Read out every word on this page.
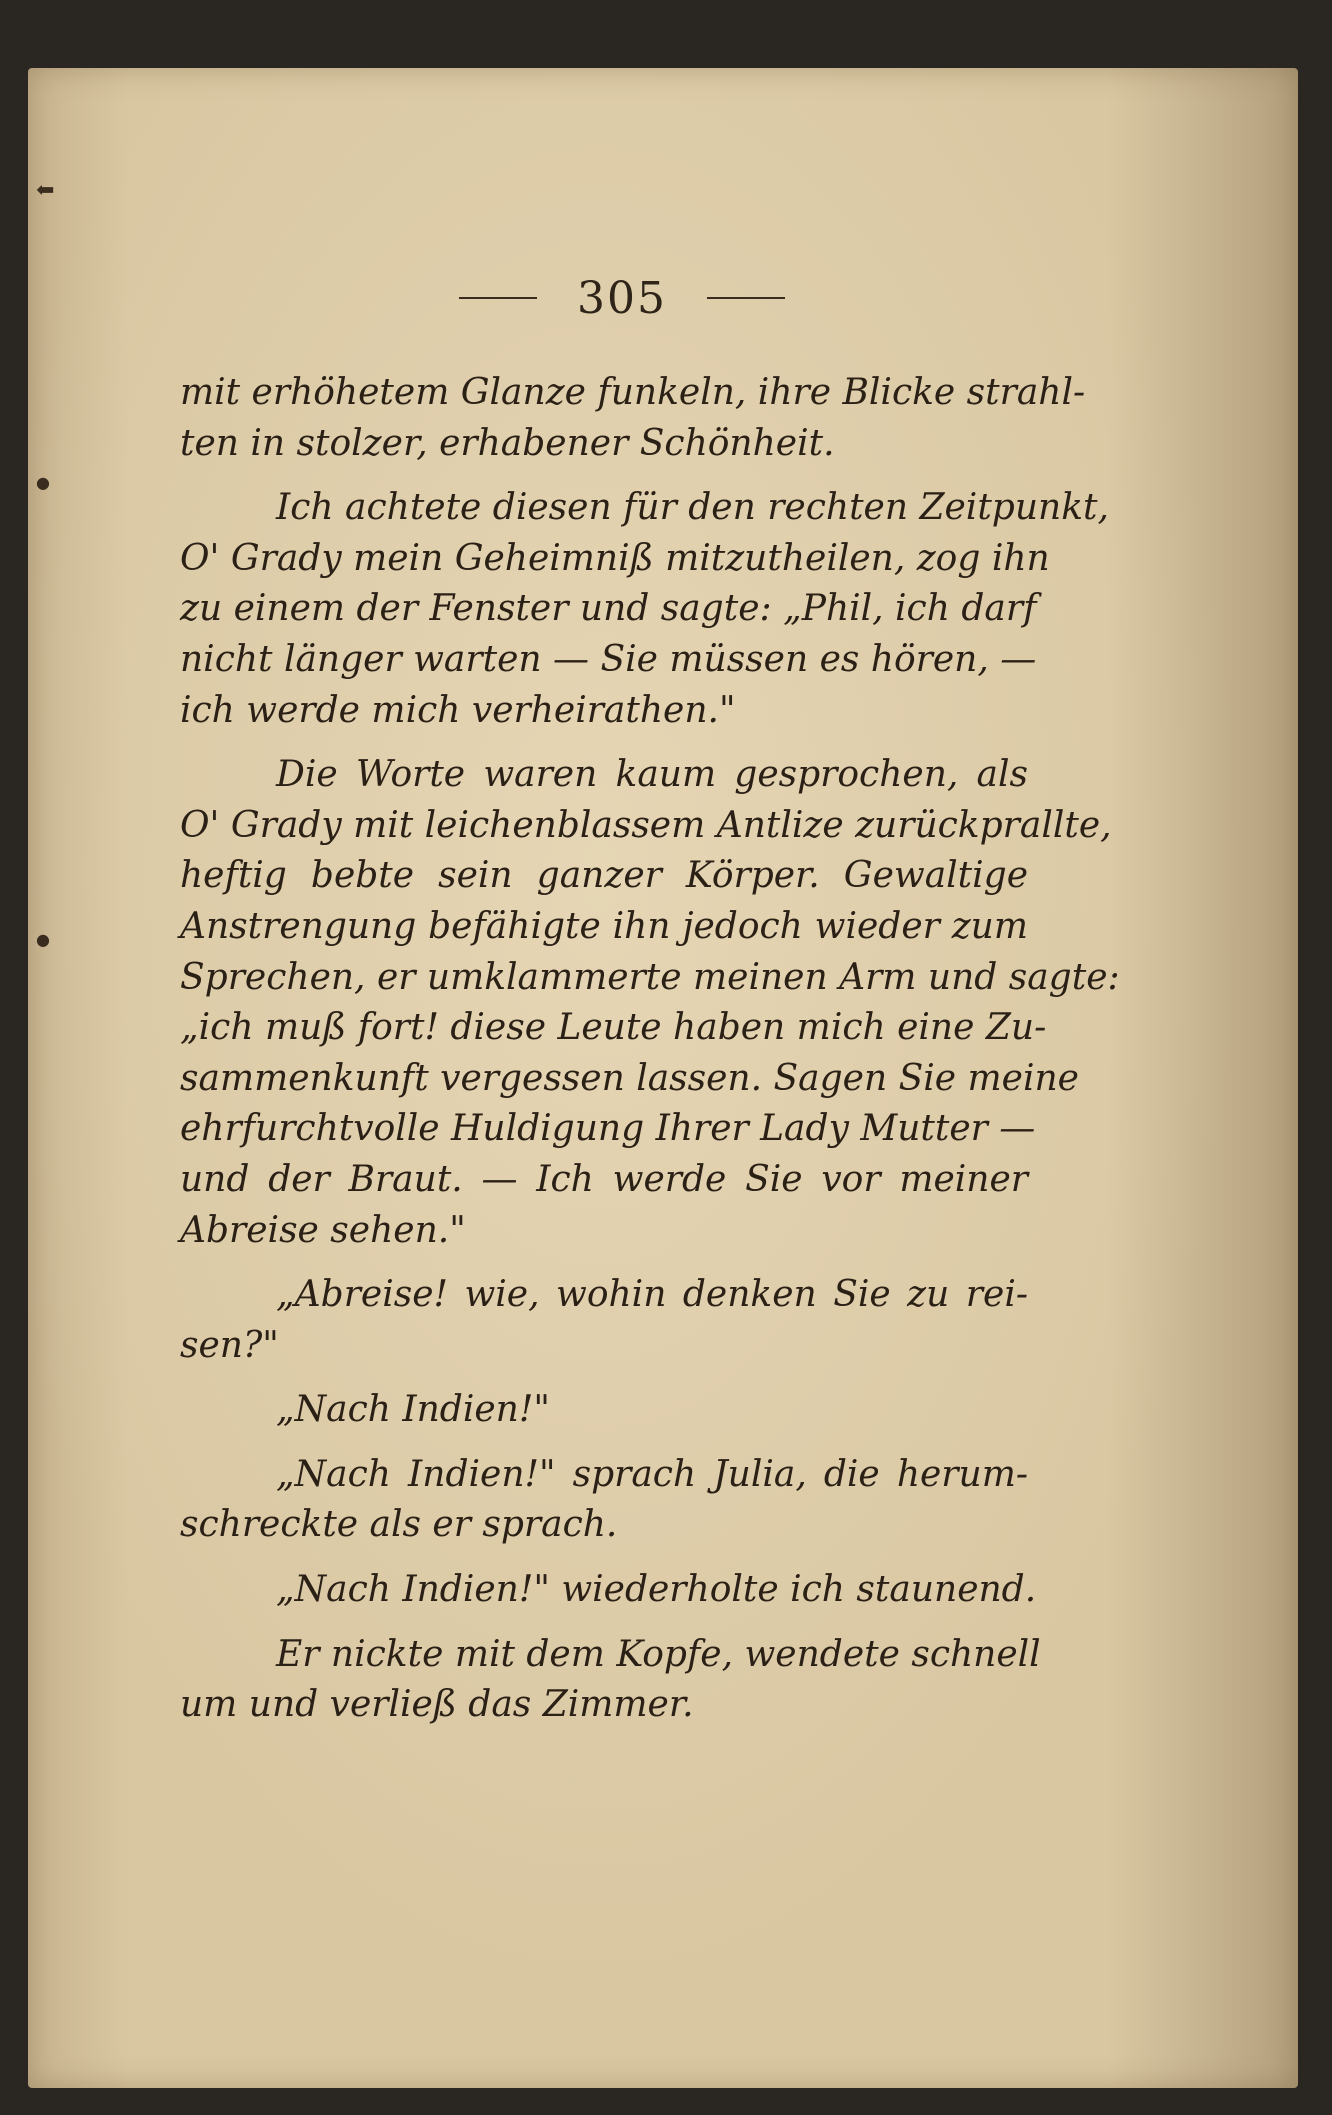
⬅
●
●
305

mit erhöhetem Glanze funkeln, ihre Blicke strahl-
ten in stolzer, erhabener Schönheit.

Ich achtete diesen für den rechten Zeitpunkt,
O' Grady mein Geheimniß mitzutheilen, zog ihn
zu einem der Fenster und sagte: „Phil, ich darf
nicht länger warten — Sie müssen es hören, —
ich werde mich verheirathen."

Die Worte waren kaum gesprochen, als
O' Grady mit leichenblassem Antlize zurückprallte,
heftig bebte sein ganzer Körper. Gewaltige
Anstrengung befähigte ihn jedoch wieder zum
Sprechen, er umklammerte meinen Arm und sagte:
„ich muß fort! diese Leute haben mich eine Zu-
sammenkunft vergessen lassen. Sagen Sie meine
ehrfurchtvolle Huldigung Ihrer Lady Mutter —
und der Braut. — Ich werde Sie vor meiner
Abreise sehen."

„Abreise! wie, wohin denken Sie zu rei-
sen?"

„Nach Indien!"

„Nach Indien!" sprach Julia, die herum-
schreckte als er sprach.

„Nach Indien!" wiederholte ich staunend.

Er nickte mit dem Kopfe, wendete schnell
um und verließ das Zimmer.
